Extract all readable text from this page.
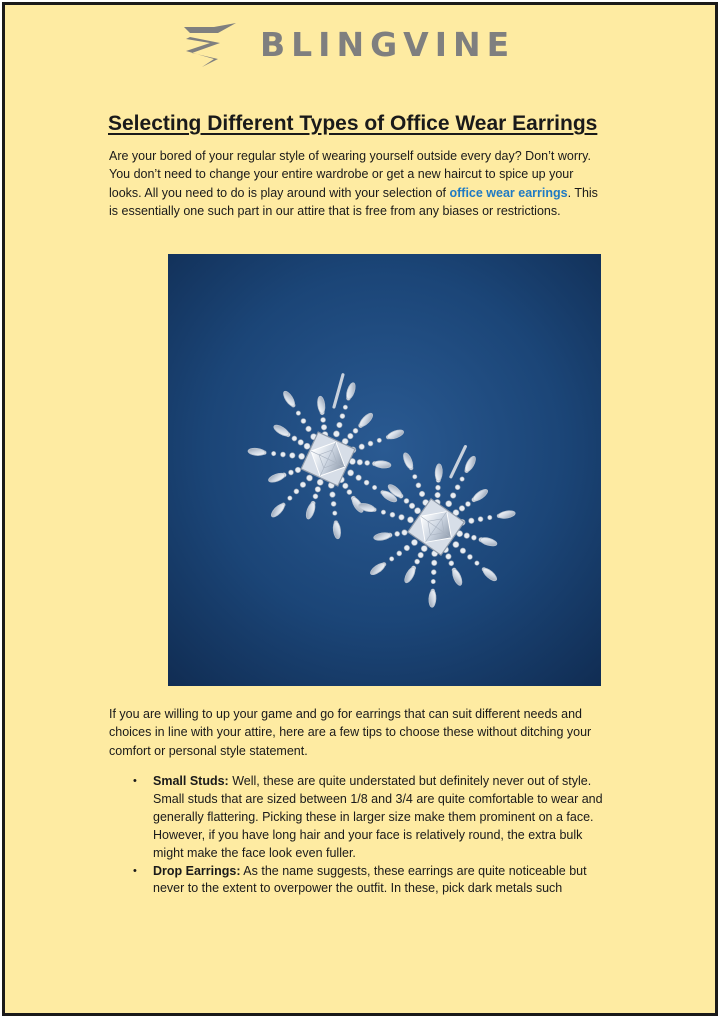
BLINGVINE
Selecting Different Types of Office Wear Earrings

Are your bored of your regular style of wearing yourself outside every day? Don’t worry. You don’t need to change your entire wardrobe or get a new haircut to spice up your looks. All you need to do is play around with your selection of office wear earrings. This is essentially one such part in our attire that is free from any biases or restrictions.

If you are willing to up your game and go for earrings that can suit different needs and choices in line with your attire, here are a few tips to choose these without ditching your comfort or personal style statement.

• Small Studs: Well, these are quite understated but definitely never out of style. Small studs that are sized between 1/8 and 3/4 are quite comfortable to wear and generally flattering. Picking these in larger size make them prominent on a face. However, if you have long hair and your face is relatively round, the extra bulk might make the face look even fuller.
• Drop Earrings: As the name suggests, these earrings are quite noticeable but never to the extent to overpower the outfit. In these, pick dark metals such
